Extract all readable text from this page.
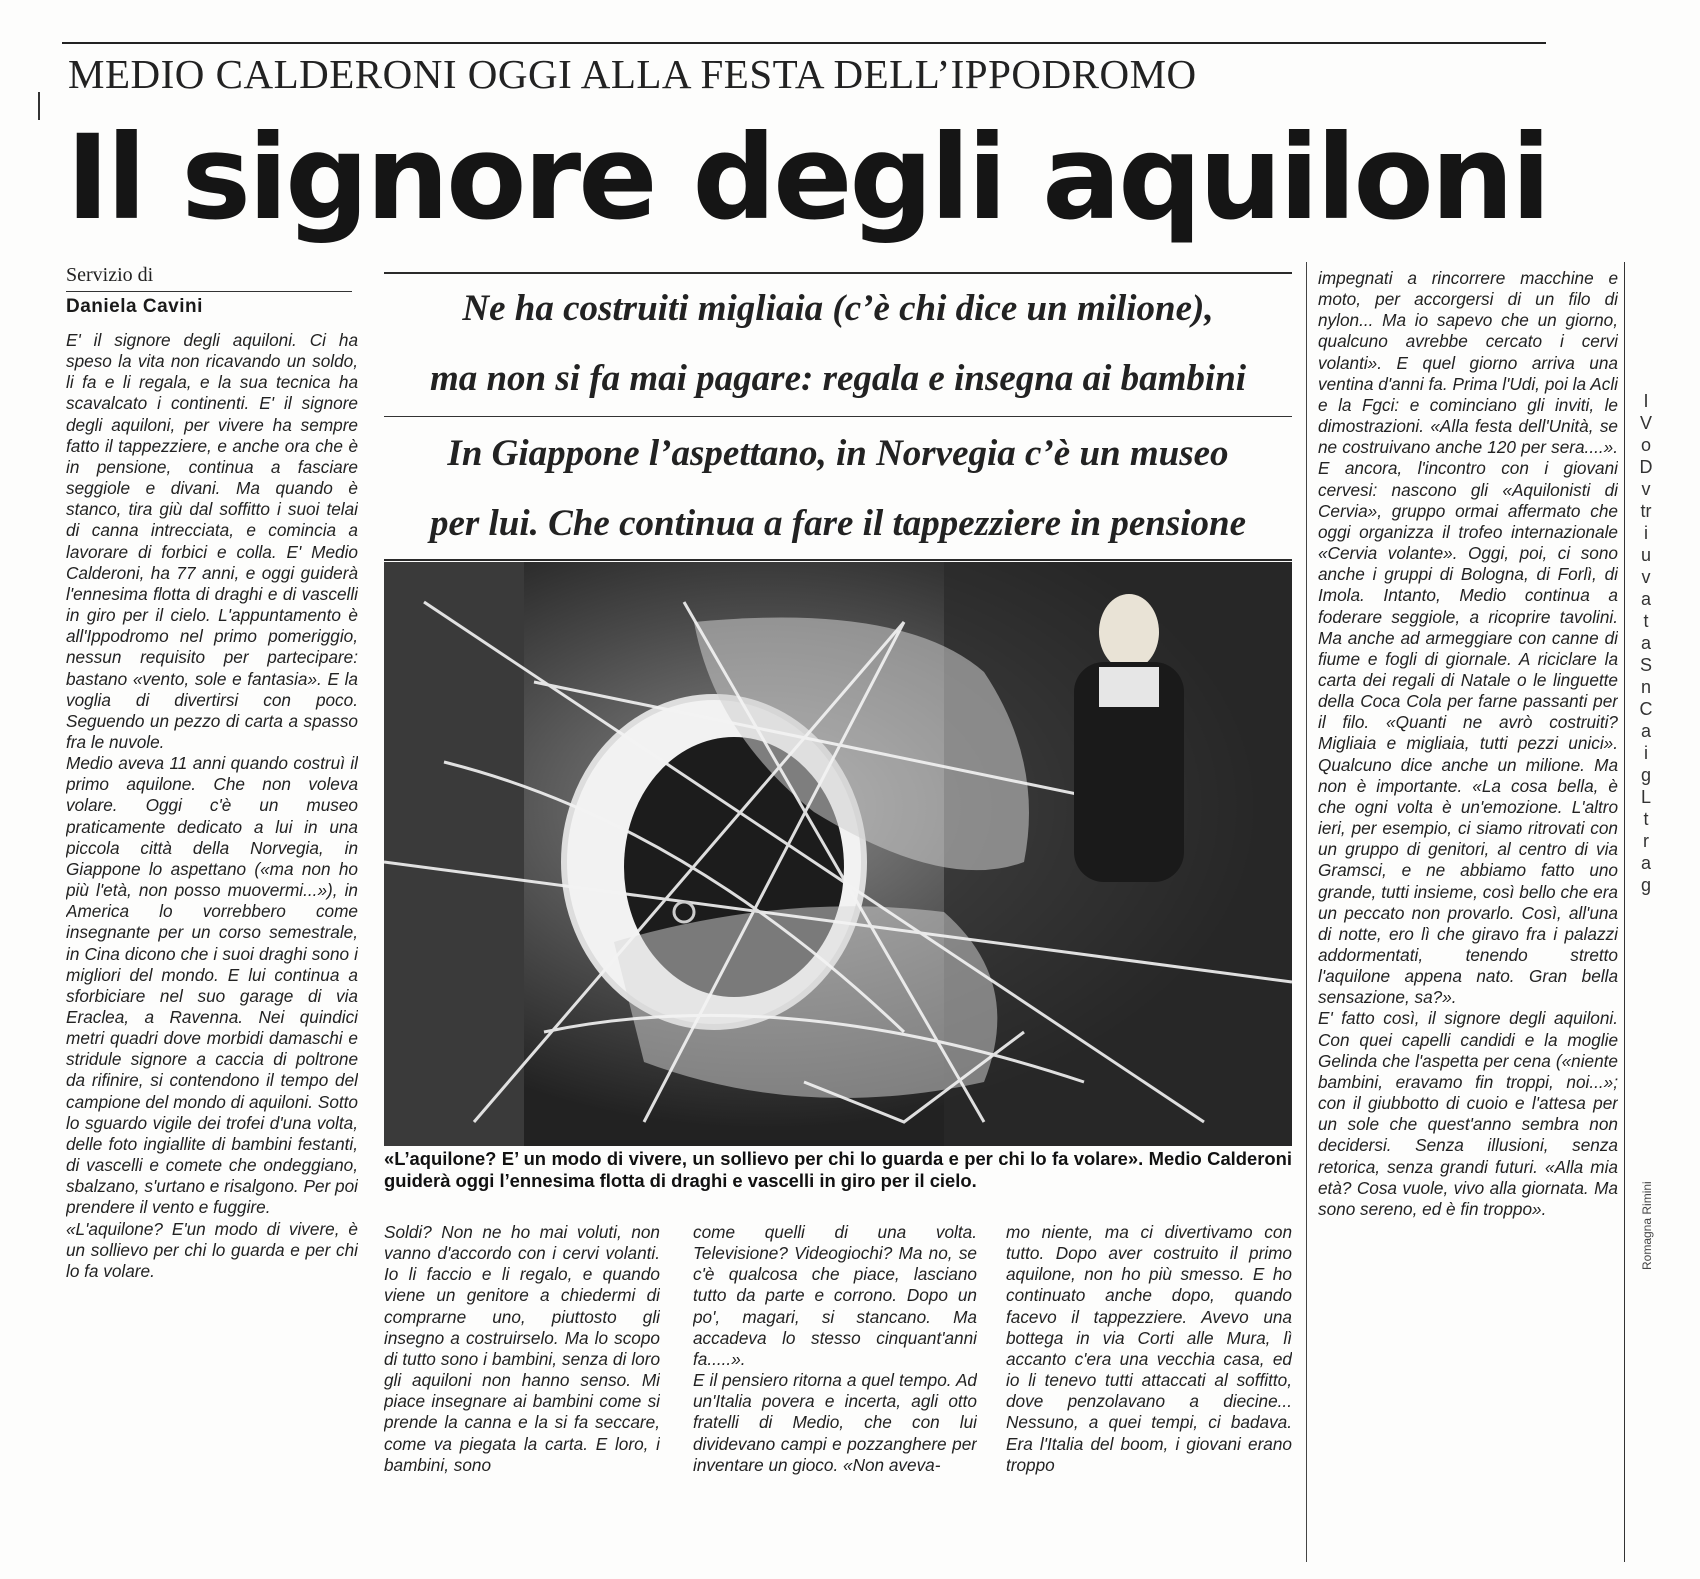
MEDIO CALDERONI OGGI ALLA FESTA DELL’IPPODROMO
Il signore degli aquiloni
Servizio di
Daniela Cavini

E' il signore degli aquiloni. Ci ha speso la vita non ricavando un soldo, li fa e li regala, e la sua tecnica ha scavalcato i continenti. E' il signore degli aquiloni, per vivere ha sempre fatto il tappezziere, e anche ora che è in pensione, continua a fasciare seggiole e divani. Ma quando è stanco, tira giù dal soffitto i suoi telai di canna intrecciata, e comincia a lavorare di forbici e colla. E' Medio Calderoni, ha 77 anni, e oggi guiderà l'ennesima flotta di draghi e di vascelli in giro per il cielo. L'appuntamento è all'Ippodromo nel primo pomeriggio, nessun requisito per partecipare: bastano «vento, sole e fantasia». E la voglia di divertirsi con poco. Seguendo un pezzo di carta a spasso fra le nuvole.
Medio aveva 11 anni quando costruì il primo aquilone. Che non voleva volare. Oggi c'è un museo praticamente dedicato a lui in una piccola città della Norvegia, in Giappone lo aspettano («ma non ho più l'età, non posso muovermi...»), in America lo vorrebbero come insegnante per un corso semestrale, in Cina dicono che i suoi draghi sono i migliori del mondo. E lui continua a sforbiciare nel suo garage di via Eraclea, a Ravenna. Nei quindici metri quadri dove morbidi damaschi e stridule signore a caccia di poltrone da rifinire, si contendono il tempo del campione del mondo di aquiloni. Sotto lo sguardo vigile dei trofei d'una volta, delle foto ingiallite di bambini festanti, di vascelli e comete che ondeggiano, sbalzano, s'urtano e risalgono. Per poi prendere il vento e fuggire.
«L'aquilone? E'un modo di vivere, è un sollievo per chi lo guarda e per chi lo fa volare.

Ne ha costruiti migliaia (c’è chi dice un milione),
ma non si fa mai pagare: regala e insegna ai bambini
In Giappone l’aspettano, in Norvegia c’è un museo
per lui. Che continua a fare il tappezziere in pensione

«L’aquilone? E’ un modo di vivere, un sollievo per chi lo guarda e per chi lo fa volare». Medio Calderoni guiderà oggi l’ennesima flotta di draghi e vascelli in giro per il cielo.

Soldi? Non ne ho mai voluti, non vanno d'accordo con i cervi volanti. Io li faccio e li regalo, e quando viene un genitore a chiedermi di comprarne uno, piuttosto gli insegno a costruirselo. Ma lo scopo di tutto sono i bambini, senza di loro gli aquiloni non hanno senso. Mi piace insegnare ai bambini come si prende la canna e la si fa seccare, come va piegata la carta. E loro, i bambini, sono

come quelli di una volta. Televisione? Videogiochi? Ma no, se c'è qualcosa che piace, lasciano tutto da parte e corrono. Dopo un po', magari, si stancano. Ma accadeva lo stesso cinquant'anni fa.....».
E il pensiero ritorna a quel tempo. Ad un'Italia povera e incerta, agli otto fratelli di Medio, che con lui dividevano campi e pozzanghere per inventare un gioco. «Non aveva-

mo niente, ma ci divertivamo con tutto. Dopo aver costruito il primo aquilone, non ho più smesso. E ho continuato anche dopo, quando facevo il tappezziere. Avevo una bottega in via Corti alle Mura, lì accanto c'era una vecchia casa, ed io li tenevo tutti attaccati al soffitto, dove penzolavano a diecine... Nessuno, a quei tempi, ci badava. Era l'Italia del boom, i giovani erano troppo

impegnati a rincorrere macchine e moto, per accorgersi di un filo di nylon... Ma io sapevo che un giorno, qualcuno avrebbe cercato i cervi volanti». E quel giorno arriva una ventina d'anni fa. Prima l'Udi, poi la Acli e la Fgci: e cominciano gli inviti, le dimostrazioni. «Alla festa dell'Unità, se ne costruivano anche 120 per sera....». E ancora, l'incontro con i giovani cervesi: nascono gli «Aquilonisti di Cervia», gruppo ormai affermato che oggi organizza il trofeo internazionale «Cervia volante». Oggi, poi, ci sono anche i gruppi di Bologna, di Forlì, di Imola. Intanto, Medio continua a foderare seggiole, a ricoprire tavolini. Ma anche ad armeggiare con canne di fiume e fogli di giornale. A riciclare la carta dei regali di Natale o le linguette della Coca Cola per farne passanti per il filo. «Quanti ne avrò costruiti? Migliaia e migliaia, tutti pezzi unici». Qualcuno dice anche un milione. Ma non è importante. «La cosa bella, è che ogni volta è un'emozione. L'altro ieri, per esempio, ci siamo ritrovati con un gruppo di genitori, al centro di via Gramsci, e ne abbiamo fatto uno grande, tutti insieme, così bello che era un peccato non provarlo. Così, all'una di notte, ero lì che giravo fra i palazzi addormentati, tenendo stretto l'aquilone appena nato. Gran bella sensazione, sa?».
E' fatto così, il signore degli aquiloni. Con quei capelli candidi e la moglie Gelinda che l'aspetta per cena («niente bambini, eravamo fin troppi, noi...»; con il giubbotto di cuoio e l'attesa per un sole che quest'anno sembra non decidersi. Senza illusioni, senza retorica, senza grandi futuri. «Alla mia età? Cosa vuole, vivo alla giornata. Ma sono sereno, ed è fin troppo».

I
V
o
D
v
tr
i
u
v
a
t
a
S
n
C
a
i
g
L
t
r
a
g
Romagna Rimini
